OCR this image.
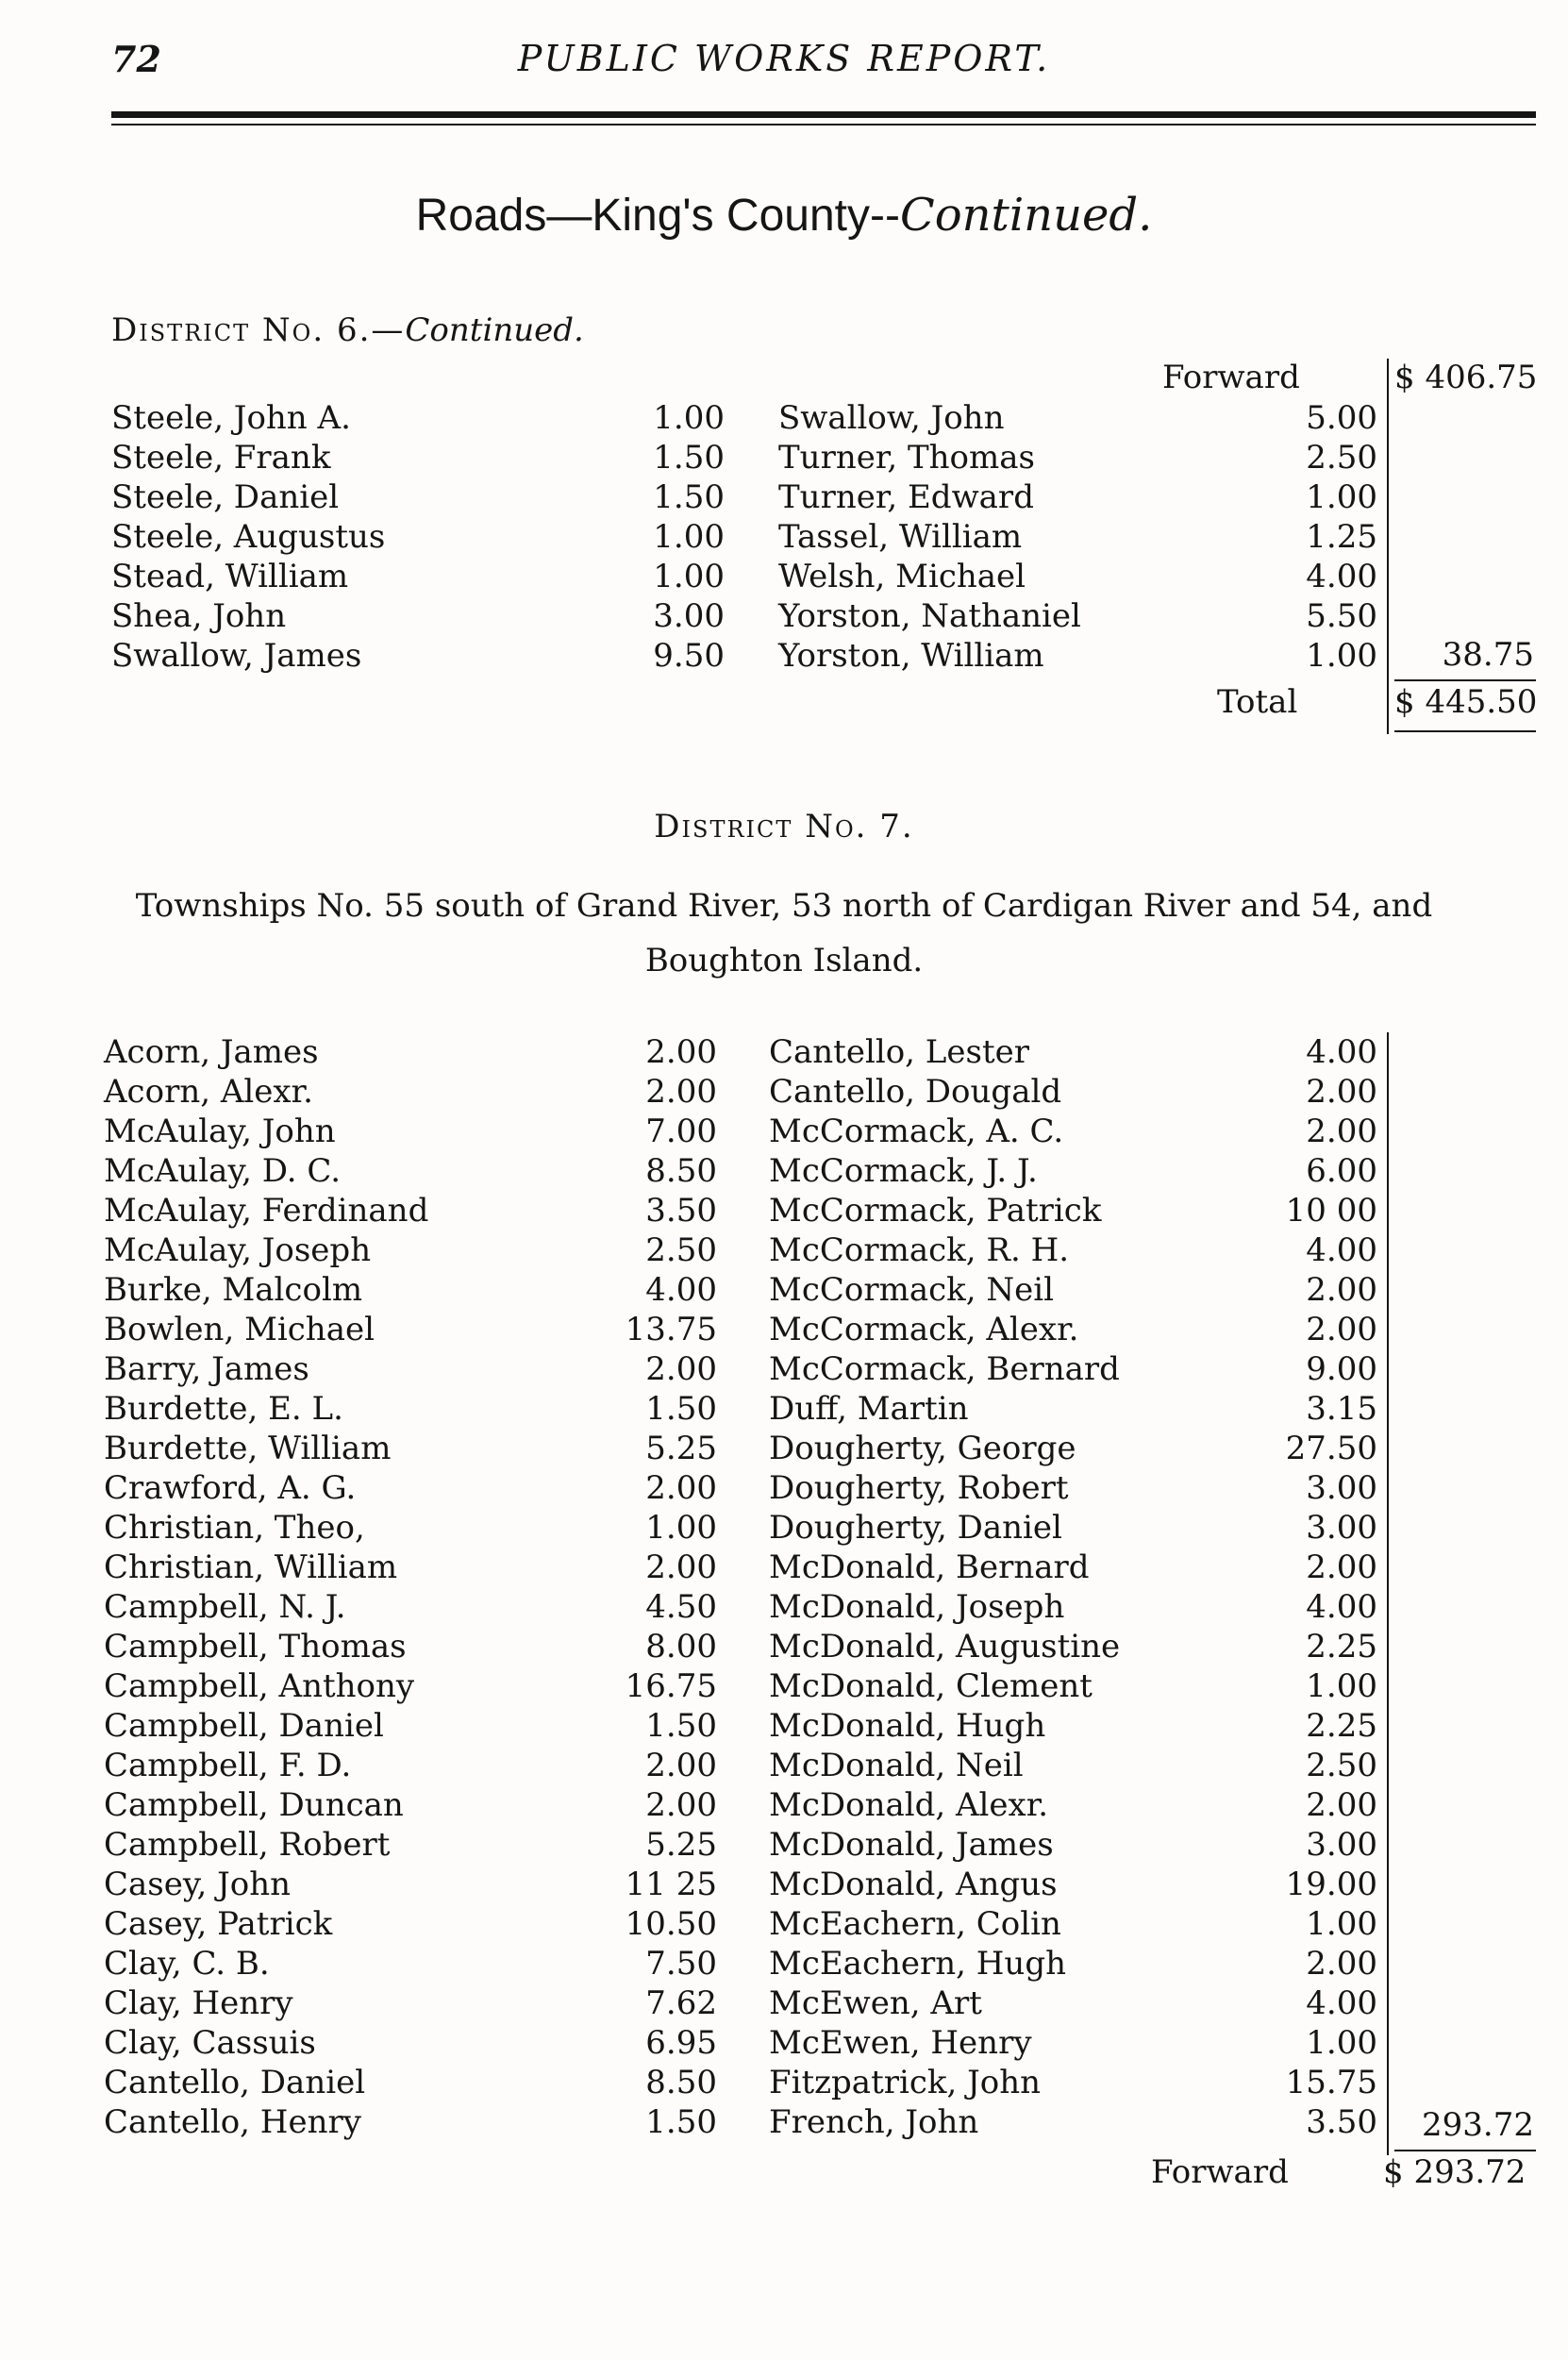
72	PUBLIC WORKS REPORT.
Roads—King's County--Continued.
District No. 6.—Continued.
Forward	$ 406.75
Steele, John A.	1.00
Steele, Frank	1.50
Steele, Daniel	1.50
Steele, Augustus	1.00
Stead, William	1.00
Shea, John	3.00
Swallow, James	9.50
Swallow, John	5.00
Turner, Thomas	2.50
Turner, Edward	1.00
Tassel, William	1.25
Welsh, Michael	4.00
Yorston, Nathaniel	5.50
Yorston, William	1.00	38.75
Total	$ 445.50
District No. 7.
Townships No. 55 south of Grand River, 53 north of Cardigan River and 54, and
Boughton Island.
Acorn, James	2.00
Acorn, Alexr.	2.00
McAulay, John	7.00
McAulay, D. C.	8.50
McAulay, Ferdinand	3.50
McAulay, Joseph	2.50
Burke, Malcolm	4.00
Bowlen, Michael	13.75
Barry, James	2.00
Burdette, E. L.	1.50
Burdette, William	5.25
Crawford, A. G.	2.00
Christian, Theo,	1.00
Christian, William	2.00
Campbell, N. J.	4.50
Campbell, Thomas	8.00
Campbell, Anthony	16.75
Campbell, Daniel	1.50
Campbell, F. D.	2.00
Campbell, Duncan	2.00
Campbell, Robert	5.25
Casey, John	11 25
Casey, Patrick	10.50
Clay, C. B.	7.50
Clay, Henry	7.62
Clay, Cassuis	6.95
Cantello, Daniel	8.50
Cantello, Henry	1.50
Cantello, Lester	4.00
Cantello, Dougald	2.00
McCormack, A. C.	2.00
McCormack, J. J.	6.00
McCormack, Patrick	10 00
McCormack, R. H.	4.00
McCormack, Neil	2.00
McCormack, Alexr.	2.00
McCormack, Bernard	9.00
Duff, Martin	3.15
Dougherty, George	27.50
Dougherty, Robert	3.00
Dougherty, Daniel	3.00
McDonald, Bernard	2.00
McDonald, Joseph	4.00
McDonald, Augustine	2.25
McDonald, Clement	1.00
McDonald, Hugh	2.25
McDonald, Neil	2.50
McDonald, Alexr.	2.00
McDonald, James	3.00
McDonald, Angus	19.00
McEachern, Colin	1.00
McEachern, Hugh	2.00
McEwen, Art	4.00
McEwen, Henry	1.00
Fitzpatrick, John	15.75
French, John	3.50	293.72
Forward	$ 293.72
